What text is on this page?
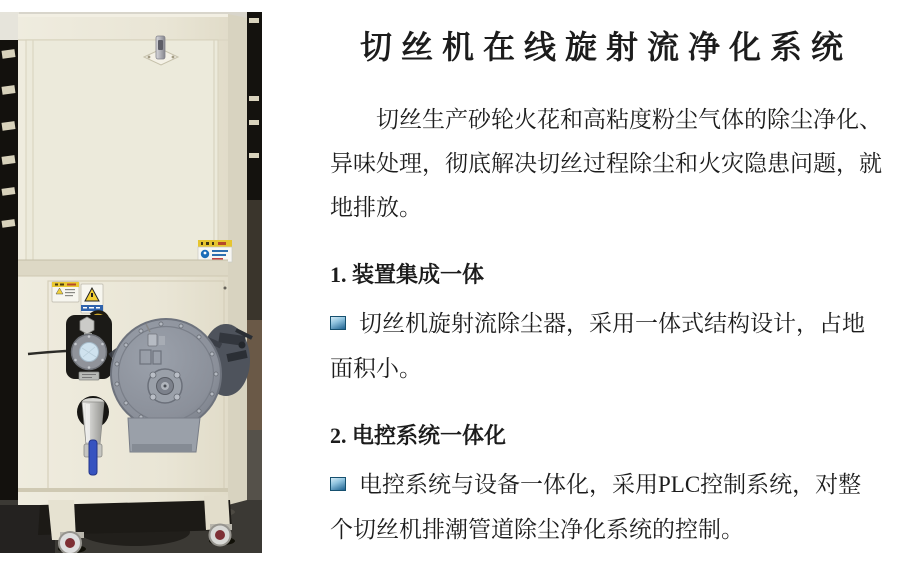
切丝机在线旋射流净化系统

切丝生产砂轮火花和高粘度粉尘气体的除尘净化、异味处理，彻底解决切丝过程除尘和火灾隐患问题，就地排放。

1. 装置集成一体

切丝机旋射流除尘器，采用一体式结构设计，占地面积小。

2. 电控系统一体化

电控系统与设备一体化，采用PLC控制系统，对整个切丝机排潮管道除尘净化系统的控制。
